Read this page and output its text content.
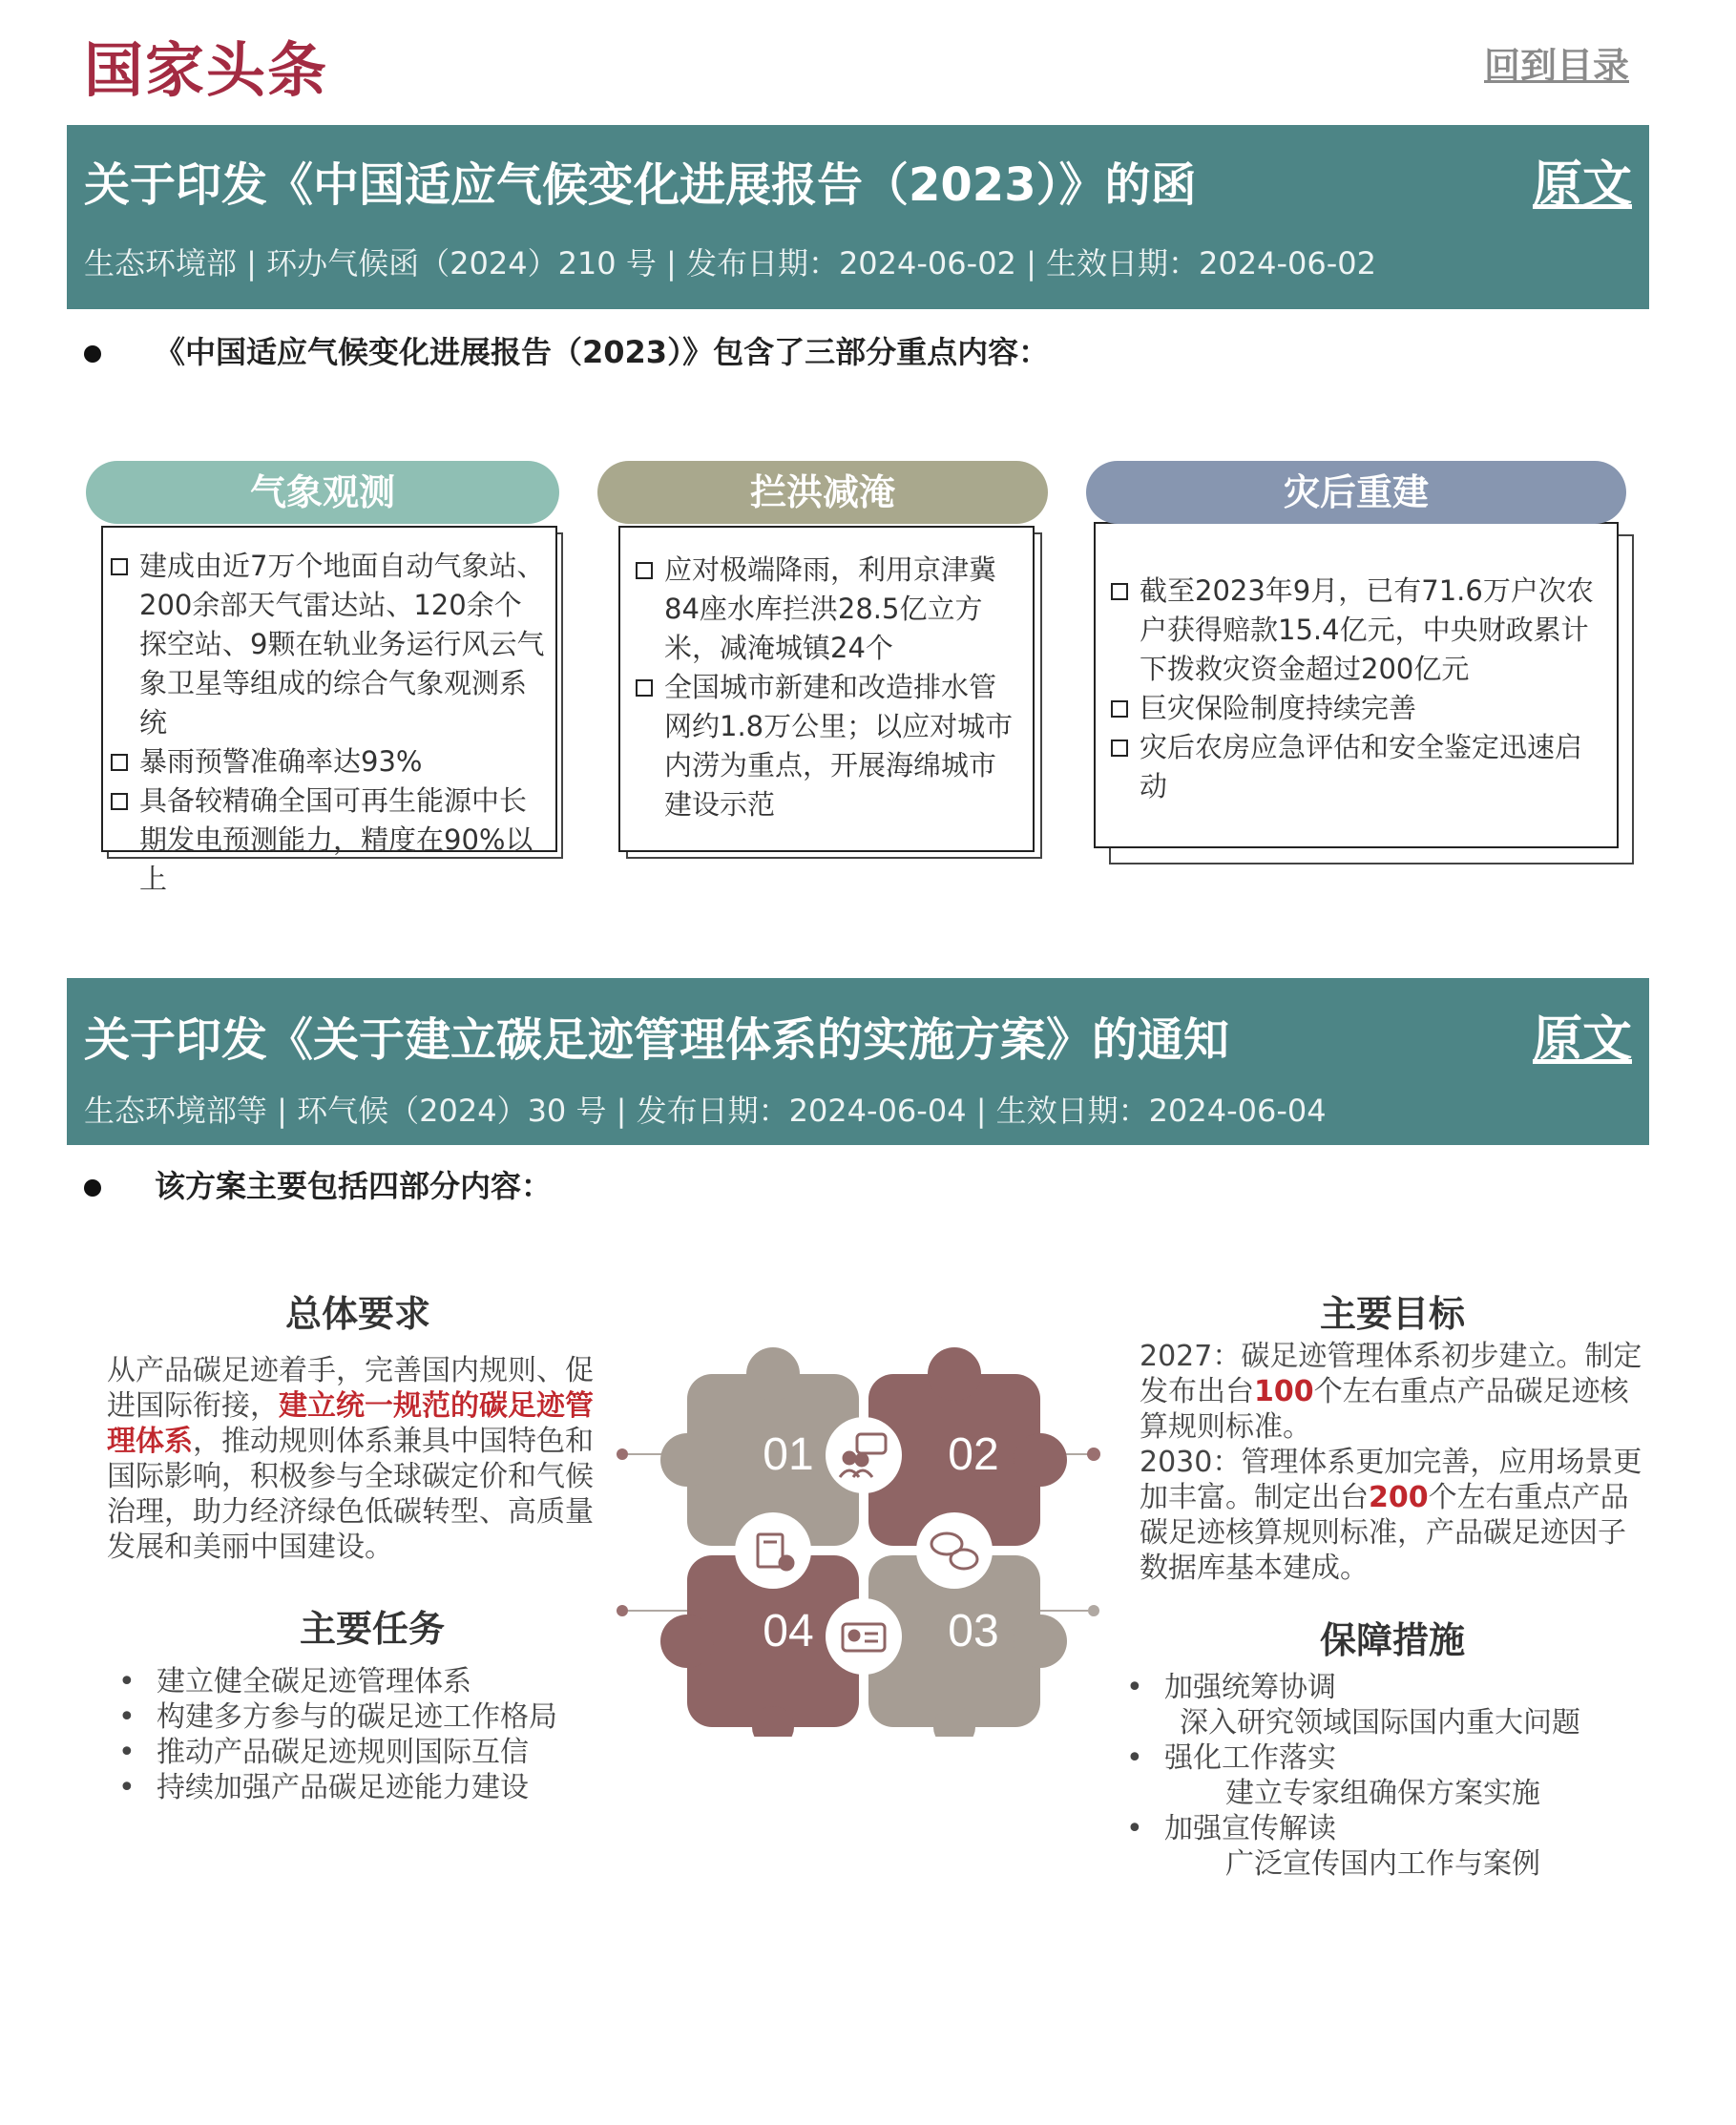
国家头条	回到目录
关于印发《中国适应气候变化进展报告（2023）》的函	原文
生态环境部 | 环办气候函（2024）210 号 | 发布日期：2024-06-02 | 生效日期：2024-06-02
《中国适应气候变化进展报告（2023）》包含了三部分重点内容：
建成由近7万个地面自动气象站、200余部天气雷达站、120余个探空站、9颗在轨业务运行风云气象卫星等组成的综合气象观测系统
暴雨预警准确率达93%
具备较精确全国可再生能源中长期发电预测能力，精度在90%以上
气象观测
应对极端降雨，利用京津冀84座水库拦洪28.5亿立方米，减淹城镇24个
全国城市新建和改造排水管网约1.8万公里；以应对城市内涝为重点，开展海绵城市建设示范
拦洪减淹
截至2023年9月，已有71.6万户次农户获得赔款15.4亿元，中央财政累计下拨救灾资金超过200亿元
巨灾保险制度持续完善
灾后农房应急评估和安全鉴定迅速启动
灾后重建
关于印发《关于建立碳足迹管理体系的实施方案》的通知	原文
生态环境部等 | 环气候（2024）30 号 | 发布日期：2024-06-04 | 生效日期：2024-06-04
该方案主要包括四部分内容：
总体要求
从产品碳足迹着手，完善国内规则、促进国际衔接，建立统一规范的碳足迹管理体系，推动规则体系兼具中国特色和国际影响，积极参与全球碳定价和气候治理，助力经济绿色低碳转型、高质量发展和美丽中国建设。
主要任务
• 建立健全碳足迹管理体系
• 构建多方参与的碳足迹工作格局
• 推动产品碳足迹规则国际互信
• 持续加强产品碳足迹能力建设
主要目标
2027：碳足迹管理体系初步建立。制定发布出台100个左右重点产品碳足迹核算规则标准。
2030：管理体系更加完善，应用场景更加丰富。制定出台200个左右重点产品碳足迹核算规则标准，产品碳足迹因子数据库基本建成。
保障措施
• 加强统筹协调
深入研究领域国际国内重大问题
• 强化工作落实
建立专家组确保方案实施
• 加强宣传解读
广泛宣传国内工作与案例
01	02
03
04
